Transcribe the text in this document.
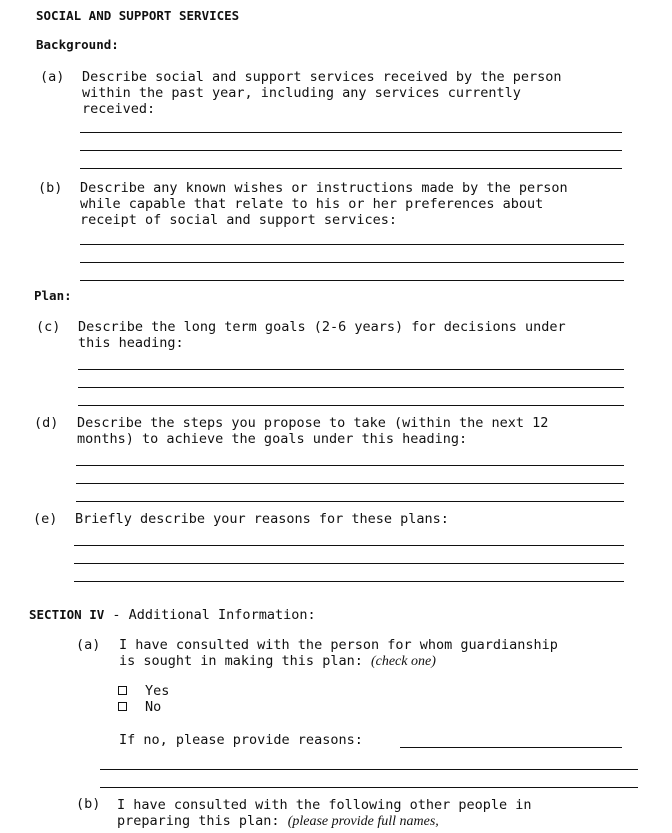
SOCIAL AND SUPPORT SERVICES
Background:
(a) Describe social and support services received by the person
within the past year, including any services currently
received:
(b) Describe any known wishes or instructions made by the person
while capable that relate to his or her preferences about
receipt of social and support services:
Plan:
(c) Describe the long term goals (2-6 years) for decisions under
this heading:
(d) Describe the steps you propose to take (within the next 12
months) to achieve the goals under this heading:
(e) Briefly describe your reasons for these plans:
SECTION IV - Additional Information:
(a) I have consulted with the person for whom guardianship
is sought in making this plan: (check one)
Yes
No
If no, please provide reasons:
(b) I have consulted with the following other people in
preparing this plan: (please provide full names,
